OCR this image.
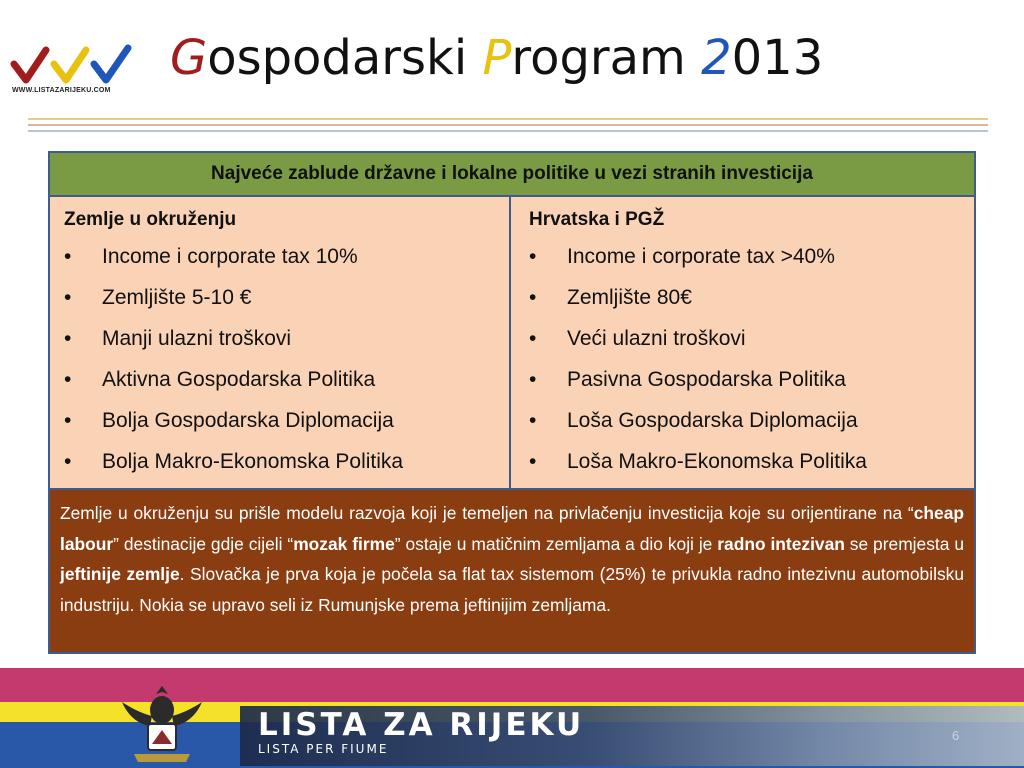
WWW.LISTAZARIJEKU.COM
Gospodarski Program 2013
Najveće zablude državne i lokalne politike u vezi stranih investicija
Zemlje u okruženju
• Income i corporate tax 10%
• Zemljište 5-10 €
• Manji ulazni troškovi
• Aktivna Gospodarska Politika
• Bolja Gospodarska Diplomacija
• Bolja Makro-Ekonomska Politika
Hrvatska i PGŽ
• Income i corporate tax >40%
• Zemljište 80€
• Veći ulazni troškovi
• Pasivna Gospodarska Politika
• Loša Gospodarska Diplomacija
• Loša Makro-Ekonomska Politika
Zemlje u okruženju su prišle modelu razvoja koji je temeljen na privlačenju investicija koje su orijentirane na “cheap labour” destinacije gdje cijeli “mozak firme” ostaje u matičnim zemljama a dio koji je radno intezivan se premjesta u jeftinije zemlje. Slovačka je prva koja je počela sa flat tax sistemom (25%) te privukla radno intezivnu automobilsku industriju. Nokia se upravo seli iz Rumunjske prema jeftinijim zemljama.
LISTA ZA RIJEKU
LISTA PER FIUME
6
